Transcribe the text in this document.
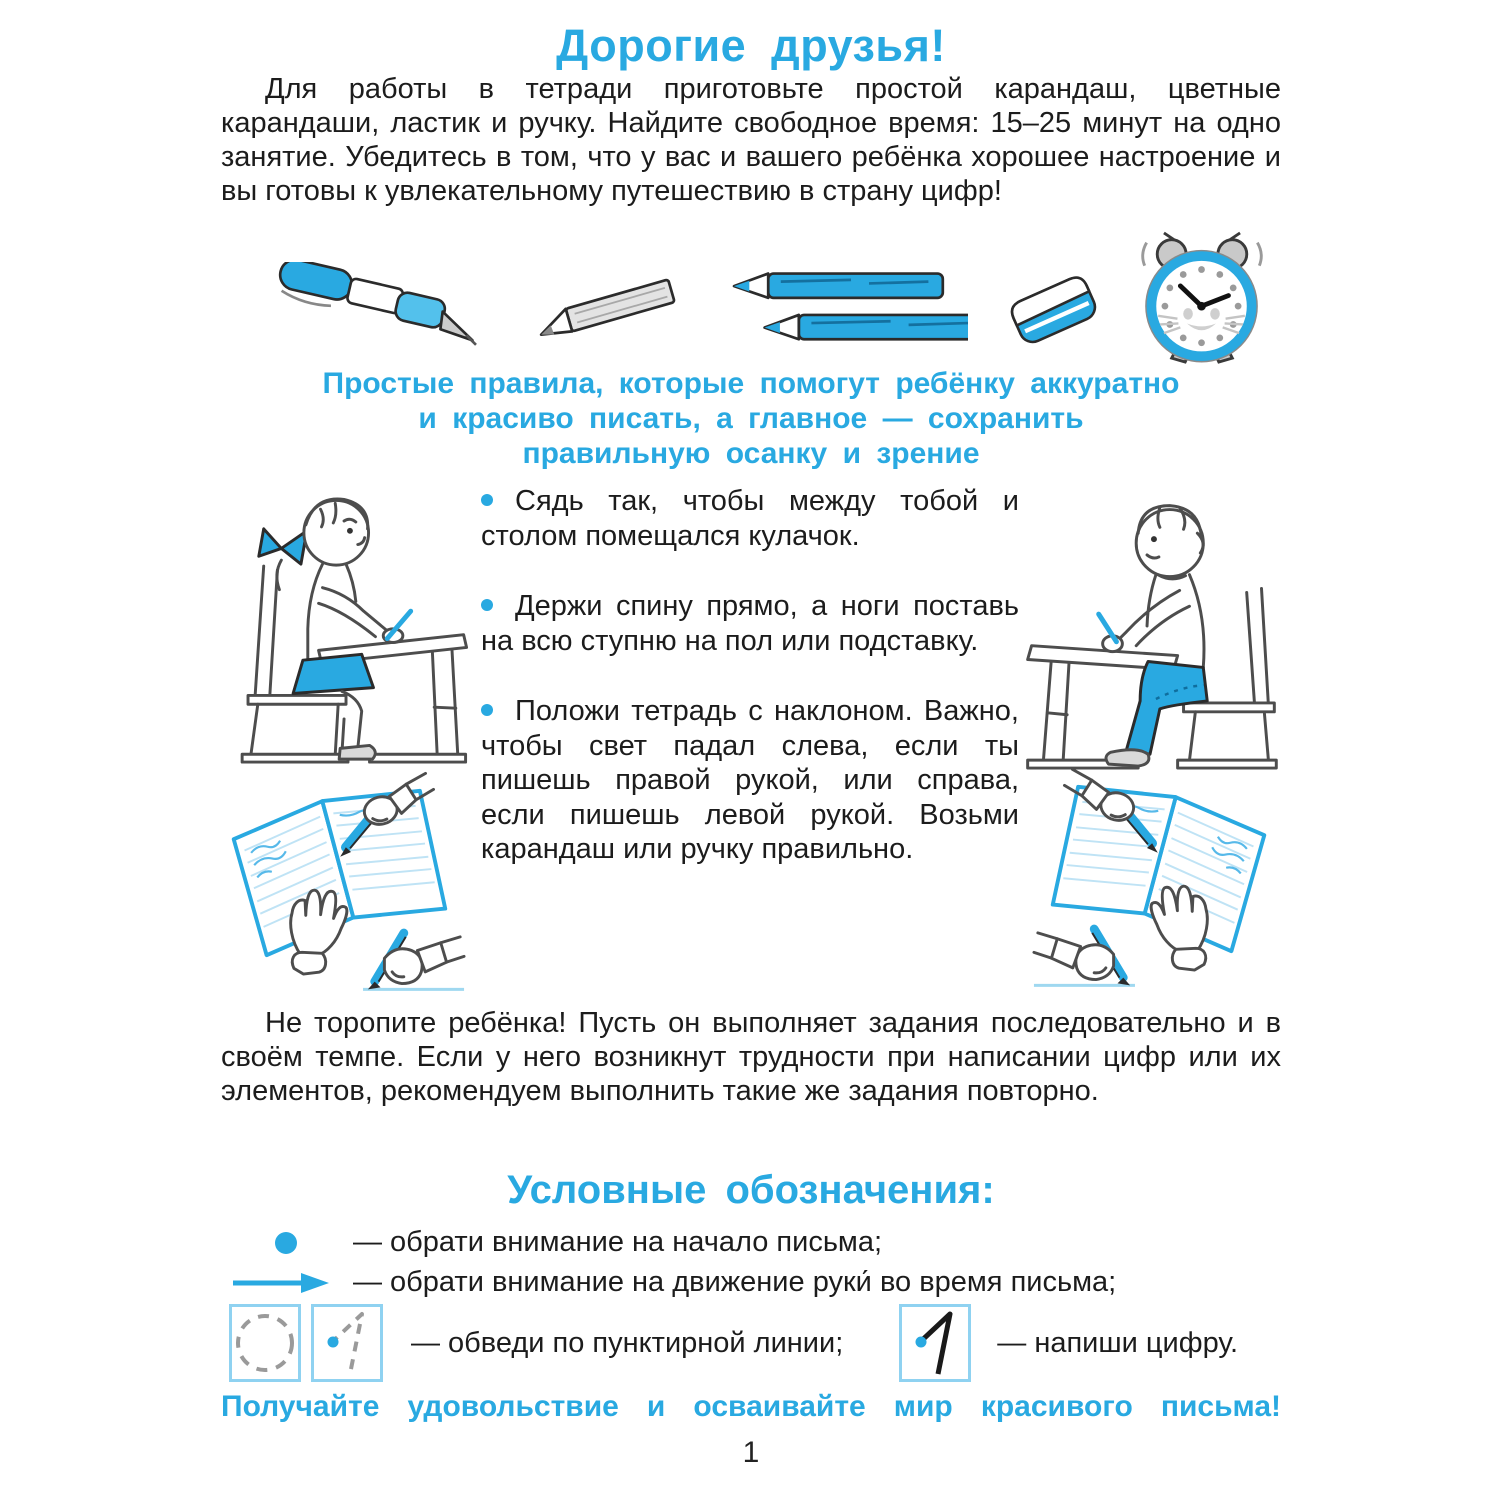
Дорогие друзья!

Для работы в тетради приготовьте простой карандаш, цветные карандаши, ластик и ручку. Найдите свободное время: 15–25 минут на одно занятие. Убедитесь в том, что у вас и вашего ребёнка хорошее настроение и вы готовы к увлекательному путешествию в страну цифр!

Простые правила, которые помогут ребёнку аккуратно
и красиво писать, а главное — сохранить
правильную осанку и зрение

Сядь так, чтобы между тобой и столом помещался кулачок.

Держи спину прямо, а ноги поставь на всю ступню на пол или подставку.

Положи тетрадь с наклоном. Важно, чтобы свет падал слева, если ты пишешь правой рукой, или справа, если пишешь левой рукой. Возьми карандаш или ручку правильно.

Не торопите ребёнка! Пусть он выполняет задания последовательно и в своём темпе. Если у него возникнут трудности при написании цифр или их элементов, рекомендуем выполнить такие же задания повторно.

Условные обозначения:
— обрати внимание на начало письма;
— обрати внимание на движение руки́ во время письма;
— обведи по пунктирной линии;	— напиши цифру.

Получайте удовольствие и осваивайте мир красивого письма!

1
